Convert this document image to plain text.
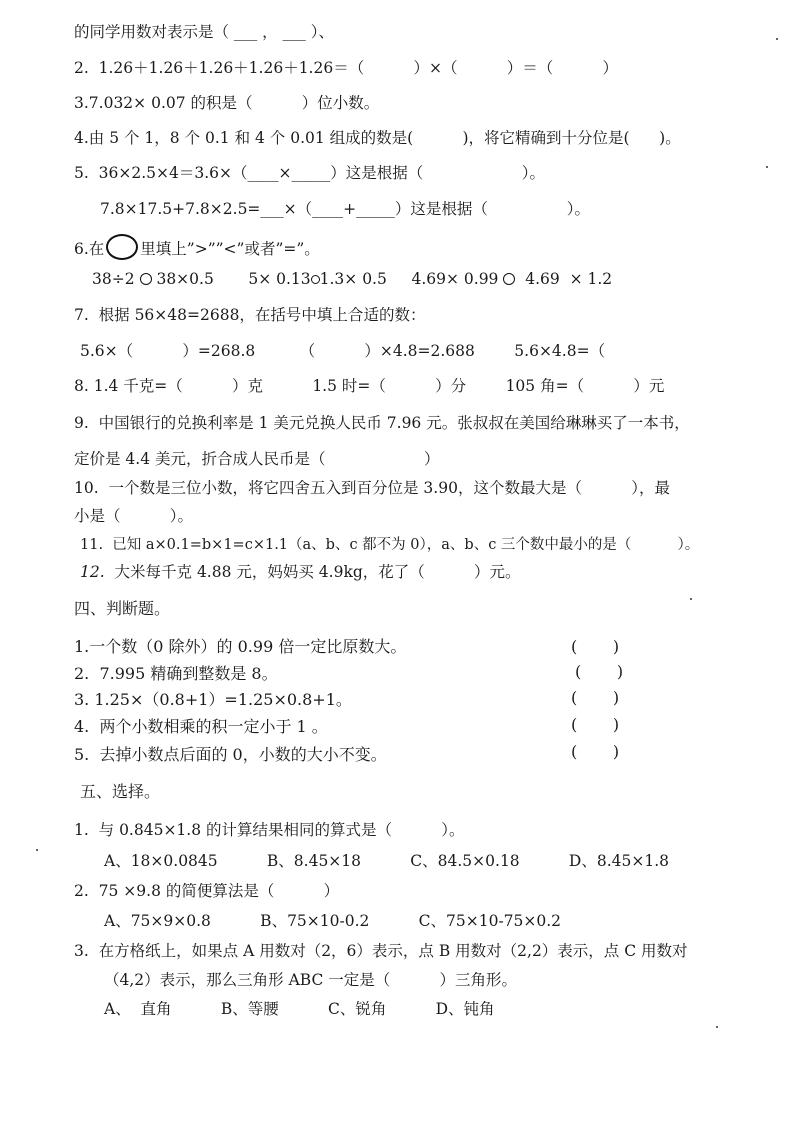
的同学用数对表示是（ ___ ， ___ ）、
2.  1.26＋1.26＋1.26＋1.26＋1.26＝（          ）×（          ）＝（          ）
3.7.032× 0.07 的积是（          ）位小数。
4.由 5 个 1，8 个 0.1 和 4 个 0.01 组成的数是(          )，将它精确到十分位是(      )。
5.  36×2.5×4＝3.6×（____×_____）这是根据（                    ）。
7.8×17.5+7.8×2.5=___×（____+_____）这是根据（                ）。
6.在 里填上”>””<”或者”=”。
38÷2 38×0.5 5× 0.13 1.3× 0.5 4.69× 0.99 4.69  × 1.2
7.  根据 56×48=2688，在括号中填上合适的数：
5.6×（          ）=268.8         （          ）×4.8=2.688        5.6×4.8=（
8. 1.4 千克=（          ）克          1.5 时=（          ）分        105 角=（          ）元
9.  中国银行的兑换利率是 1 美元兑换人民币 7.96 元。张叔叔在美国给琳琳买了一本书，
定价是 4.4 美元，折合成人民币是（                    ）
10.  一个数是三位小数，将它四舍五入到百分位是 3.90，这个数最大是（          ），最
小是（          ）。
11.  已知 a×0.1=b×1=c×1.1（a、b、c 都不为 0），a、b、c 三个数中最小的是（          ）。
12. 大米每千克 4.88 元，妈妈买 4.9kg，花了（          ）元。
四、判断题。
1.一个数（0 除外）的 0.99 倍一定比原数大。	(       )
2.  7.995 精确到整数是 8。	(       )
3. 1.25×（0.8+1）=1.25×0.8+1。	(       )
4.  两个小数相乘的积一定小于 1 。	(       )
5.  去掉小数点后面的 0，小数的大小不变。	(       )
五、选择。
1.  与 0.845×1.8 的计算结果相同的算式是（          ）。
A、18×0.0845          B、8.45×18          C、84.5×0.18          D、8.45×1.8
2.  75 ×9.8 的简便算法是（          ）
A、75×9×0.8          B、75×10-0.2          C、75×10-75×0.2
3.  在方格纸上，如果点 A 用数对（2，6）表示，点 B 用数对（2,2）表示，点 C 用数对
（4,2）表示，那么三角形 ABC 一定是（          ）三角形。
A、  直角          B、等腰          C、锐角          D、钝角
